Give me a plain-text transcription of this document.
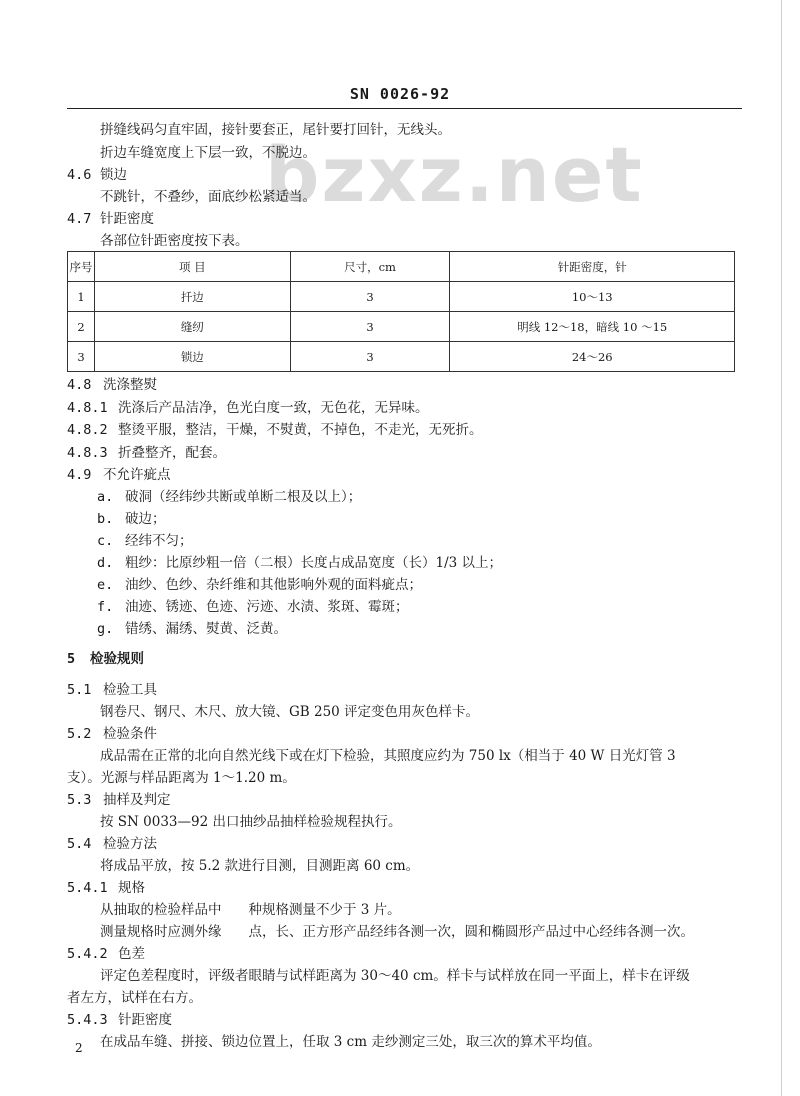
SN 0026-92
bzxz.net
拼缝线码匀直牢固，接针要套正，尾针要打回针，无线头。
折边车缝宽度上下层一致，不脱边。
4.6 锁边
不跳针，不叠纱，面底纱松紧适当。
4.7 针距密度
各部位针距密度按下表。
序号	项 目	尺寸，cm	针距密度，针
1	扦边	3	10～13
2	缝纫	3	明线 12～18，暗线 10 ～15
3	锁边	3	24～26
4.8 洗涤整熨
4.8.1 洗涤后产品洁净，色光白度一致，无色花，无异味。
4.8.2 整烫平服，整洁，干燥，不熨黄，不掉色，不走光，无死折。
4.8.3 折叠整齐，配套。
4.9 不允许疵点
a. 破洞（经纬纱共断或单断二根及以上）；
b. 破边；
c. 经纬不匀；
d. 粗纱：比原纱粗一倍（二根）长度占成品宽度（长）1/3 以上；
e. 油纱、色纱、杂纤维和其他影响外观的面料疵点；
f. 油迹、锈迹、色迹、污迹、水渍、浆斑、霉斑；
g. 错绣、漏绣、熨黄、泛黄。
5 检验规则
5.1 检验工具
钢卷尺、钢尺、木尺、放大镜、GB 250 评定变色用灰色样卡。
5.2 检验条件
成品需在正常的北向自然光线下或在灯下检验，其照度应约为 750 lx（相当于 40 W 日光灯管 3
支）。光源与样品距离为 1～1.20 m。
5.3 抽样及判定
按 SN 0033—92 出口抽纱品抽样检验规程执行。
5.4 检验方法
将成品平放，按 5.2 款进行目测，目测距离 60 cm。
5.4.1 规格
从抽取的检验样品中　　种规格测量不少于 3 片。
测量规格时应测外缘　　点，长、正方形产品经纬各测一次，圆和椭圆形产品过中心经纬各测一次。
5.4.2 色差
评定色差程度时，评级者眼睛与试样距离为 30～40 cm。样卡与试样放在同一平面上，样卡在评级
者左方，试样在右方。
5.4.3 针距密度
在成品车缝、拼接、锁边位置上，任取 3 cm 走纱测定三处，取三次的算术平均值。
2
